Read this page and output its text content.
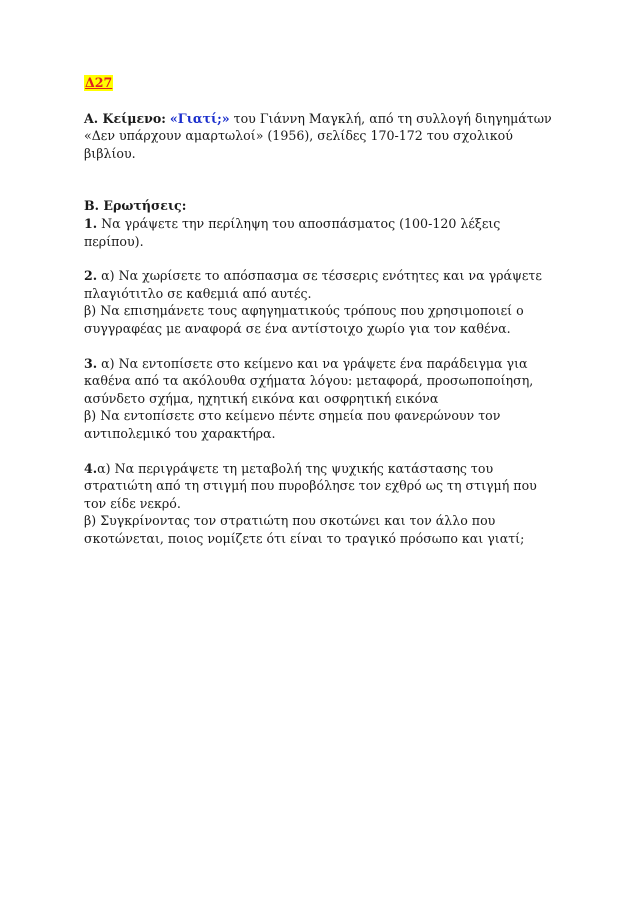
Δ27

Α. Κείμενο: «Γιατί;» του Γιάννη Μαγκλή, από τη συλλογή διηγημάτων

«Δεν υπάρχουν αμαρτωλοί» (1956), σελίδες 170-172 του σχολικού

βιβλίου.

Β. Ερωτήσεις:

1. Να γράψετε την περίληψη του αποσπάσματος (100-120 λέξεις

περίπου).

2. α) Να χωρίσετε το απόσπασμα σε τέσσερις ενότητες και να γράψετε

πλαγιότιτλο σε καθεμιά από αυτές.

β) Να επισημάνετε τους αφηγηματικούς τρόπους που χρησιμοποιεί ο

συγγραφέας με αναφορά σε ένα αντίστοιχο χωρίο για τον καθένα.

3. α) Να εντοπίσετε στο κείμενο και να γράψετε ένα παράδειγμα για

καθένα από τα ακόλουθα σχήματα λόγου: μεταφορά, προσωποποίηση,

ασύνδετο σχήμα, ηχητική εικόνα και οσφρητική εικόνα

β) Να εντοπίσετε στο κείμενο πέντε σημεία που φανερώνουν τον

αντιπολεμικό του χαρακτήρα.

4.α) Να περιγράψετε τη μεταβολή της ψυχικής κατάστασης του

στρατιώτη από τη στιγμή που πυροβόλησε τον εχθρό ως τη στιγμή που

τον είδε νεκρό.

β) Συγκρίνοντας τον στρατιώτη που σκοτώνει και τον άλλο που

σκοτώνεται, ποιος νομίζετε ότι είναι το τραγικό πρόσωπο και γιατί;
